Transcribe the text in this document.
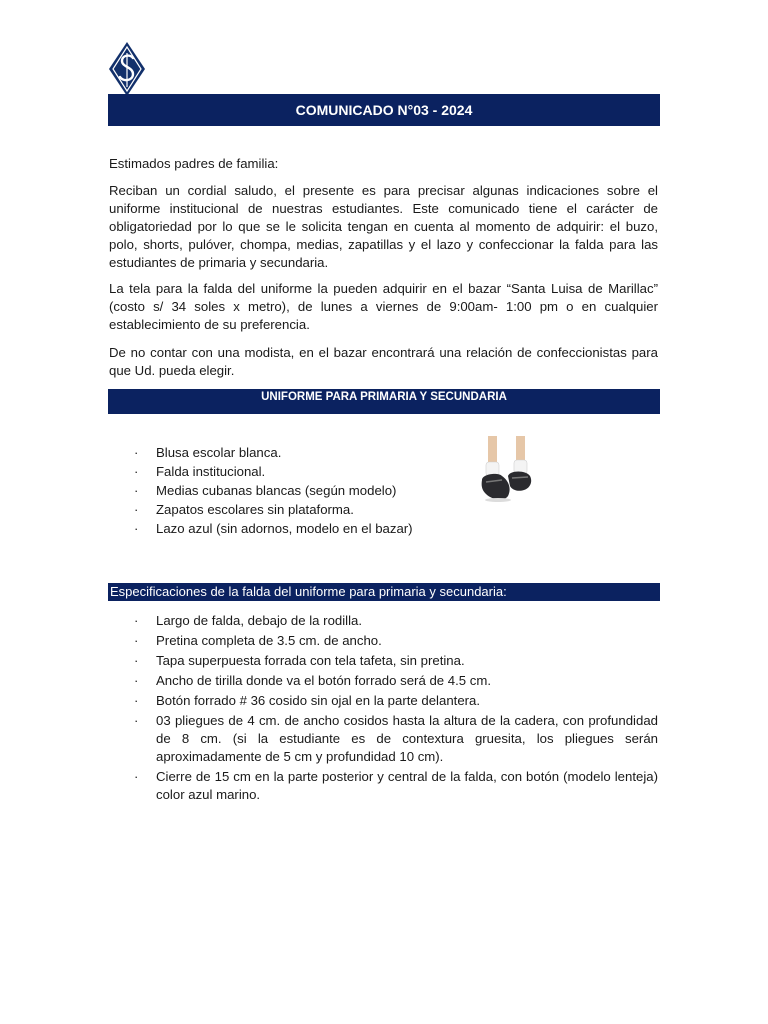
COMUNICADO N°03 - 2024
Estimados padres de familia:

Reciban un cordial saludo, el presente es para precisar algunas indicaciones sobre el uniforme institucional de nuestras estudiantes. Este comunicado tiene el carácter de obligatoriedad por lo que se le solicita tengan en cuenta al momento de adquirir: el buzo, polo, shorts, pulóver, chompa, medias, zapatillas y el lazo y confeccionar la falda para las estudiantes de primaria y secundaria.

La tela para la falda del uniforme la pueden adquirir en el bazar “Santa Luisa de Marillac” (costo s/ 34 soles x metro), de lunes a viernes de 9:00am- 1:00 pm o en cualquier establecimiento de su preferencia.

De no contar con una modista, en el bazar encontrará una relación de confeccionistas para que Ud. pueda elegir.

UNIFORME PARA PRIMARIA Y SECUNDARIA
· Blusa escolar blanca.
· Falda institucional.
· Medias cubanas blancas (según modelo)
· Zapatos escolares sin plataforma.
· Lazo azul (sin adornos, modelo en el bazar)
Especificaciones de la falda del uniforme para primaria y secundaria:
· Largo de falda, debajo de la rodilla.
· Pretina completa de 3.5 cm. de ancho.
· Tapa superpuesta forrada con tela tafeta, sin pretina.
· Ancho de tirilla donde va el botón forrado será de 4.5 cm.
· Botón forrado # 36 cosido sin ojal en la parte delantera.
· 03 pliegues de 4 cm. de ancho cosidos hasta la altura de la cadera, con profundidad de 8 cm. (si la estudiante es de contextura gruesita, los pliegues serán aproximadamente de 5 cm y profundidad 10 cm).
· Cierre de 15 cm en la parte posterior y central de la falda, con botón (modelo lenteja) color azul marino.
